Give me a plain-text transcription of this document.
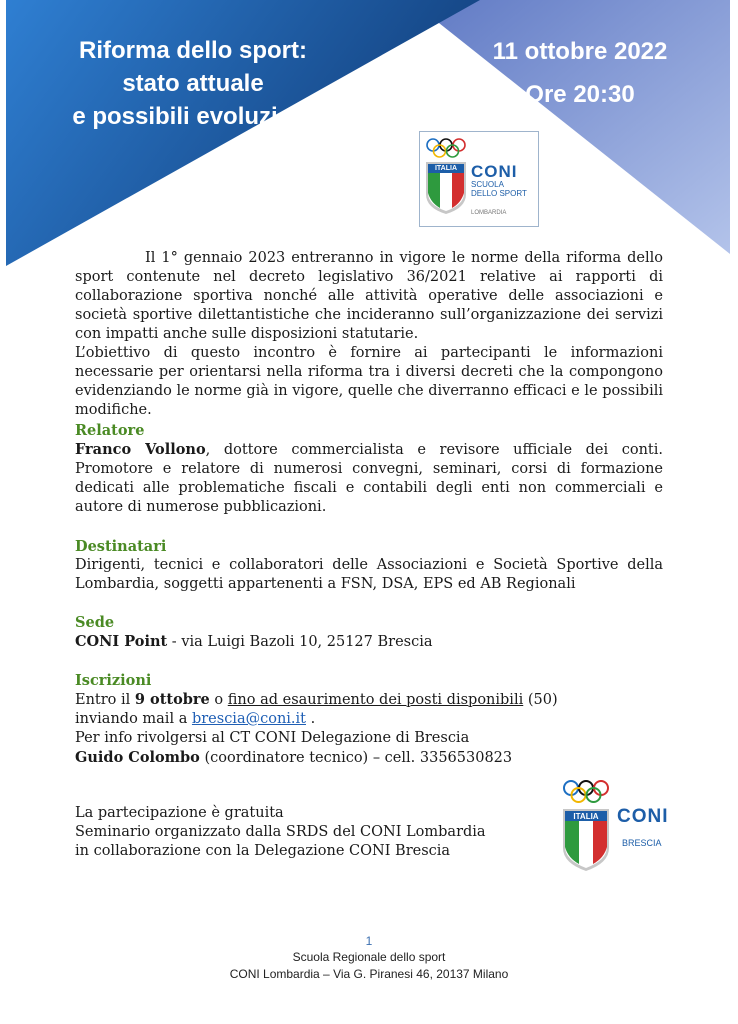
Riforma dello sport:
stato attuale
e possibili evoluzioni
11 ottobre 2022
Ore 20:30
ITALIA CONI
SCUOLA
DELLO SPORT
LOMBARDIA

Il 1° gennaio 2023 entreranno in vigore le norme della riforma dello sport contenute nel decreto legislativo 36/2021 relative ai rapporti di collaborazione sportiva nonché alle attività operative delle associazioni e società sportive dilettantistiche che incideranno sull’organizzazione dei servizi con impatti anche sulle disposizioni statutarie.

L’obiettivo di questo incontro è fornire ai partecipanti le informazioni necessarie per orientarsi nella riforma tra i diversi decreti che la compongono evidenziando le norme già in vigore, quelle che diverranno efficaci e le possibili modifiche.

Relatore

Franco Vollono, dottore commercialista e revisore ufficiale dei conti. Promotore e relatore di numerosi convegni, seminari, corsi di formazione dedicati alle problematiche fiscali e contabili degli enti non commerciali e autore di numerose pubblicazioni.

Destinatari

Dirigenti, tecnici e collaboratori delle Associazioni e Società Sportive della Lombardia, soggetti appartenenti a FSN, DSA, EPS ed AB Regionali

Sede

CONI Point - via Luigi Bazoli 10, 25127 Brescia

Iscrizioni

Entro il 9 ottobre o fino ad esaurimento dei posti disponibili (50)

inviando mail a brescia@coni.it .

Per info rivolgersi al CT CONI Delegazione di Brescia

Guido Colombo (coordinatore tecnico) – cell. 3356530823

La partecipazione è gratuita
Seminario organizzato dalla SRDS del CONI Lombardia
in collaborazione con la Delegazione CONI Brescia
ITALIA CONI
BRESCIA
1
Scuola Regionale dello sport
CONI Lombardia – Via G. Piranesi 46, 20137 Milano
